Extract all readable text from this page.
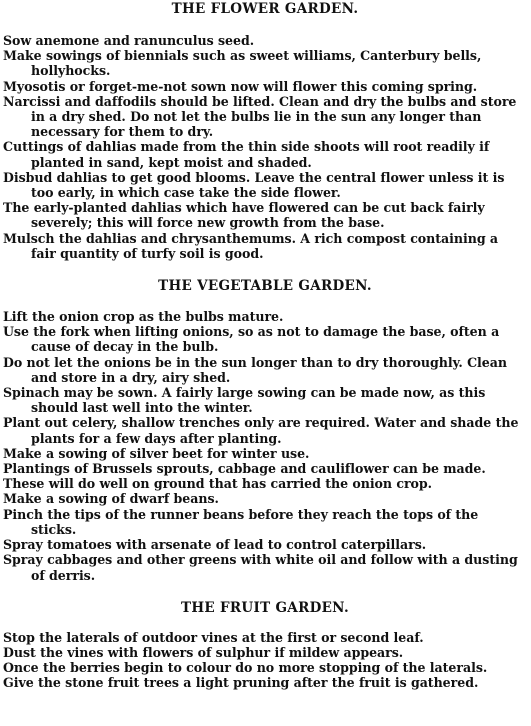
THE FLOWER GARDEN.
Sow anemone and ranunculus seed.
Make sowings of biennials such as sweet williams, Canterbury bells, hollyhocks.
Myosotis or forget-me-not sown now will flower this coming spring.
Narcissi and daffodils should be lifted. Clean and dry the bulbs and store in a dry shed. Do not let the bulbs lie in the sun any longer than necessary for them to dry.
Cuttings of dahlias made from the thin side shoots will root readily if planted in sand, kept moist and shaded.
Disbud dahlias to get good blooms. Leave the central flower unless it is too early, in which case take the side flower.
The early-planted dahlias which have flowered can be cut back fairly severely; this will force new growth from the base.
Mulsch the dahlias and chrysanthemums. A rich compost containing a fair quantity of turfy soil is good.
THE VEGETABLE GARDEN.
Lift the onion crop as the bulbs mature.
Use the fork when lifting onions, so as not to damage the base, often a cause of decay in the bulb.
Do not let the onions be in the sun longer than to dry thoroughly. Clean and store in a dry, airy shed.
Spinach may be sown. A fairly large sowing can be made now, as this should last well into the winter.
Plant out celery, shallow trenches only are required. Water and shade the plants for a few days after planting.
Make a sowing of silver beet for winter use.
Plantings of Brussels sprouts, cabbage and cauliflower can be made.
These will do well on ground that has carried the onion crop.
Make a sowing of dwarf beans.
Pinch the tips of the runner beans before they reach the tops of the sticks.
Spray tomatoes with arsenate of lead to control caterpillars.
Spray cabbages and other greens with white oil and follow with a dusting of derris.
THE FRUIT GARDEN.
Stop the laterals of outdoor vines at the first or second leaf.
Dust the vines with flowers of sulphur if mildew appears.
Once the berries begin to colour do no more stopping of the laterals.
Give the stone fruit trees a light pruning after the fruit is gathered.
